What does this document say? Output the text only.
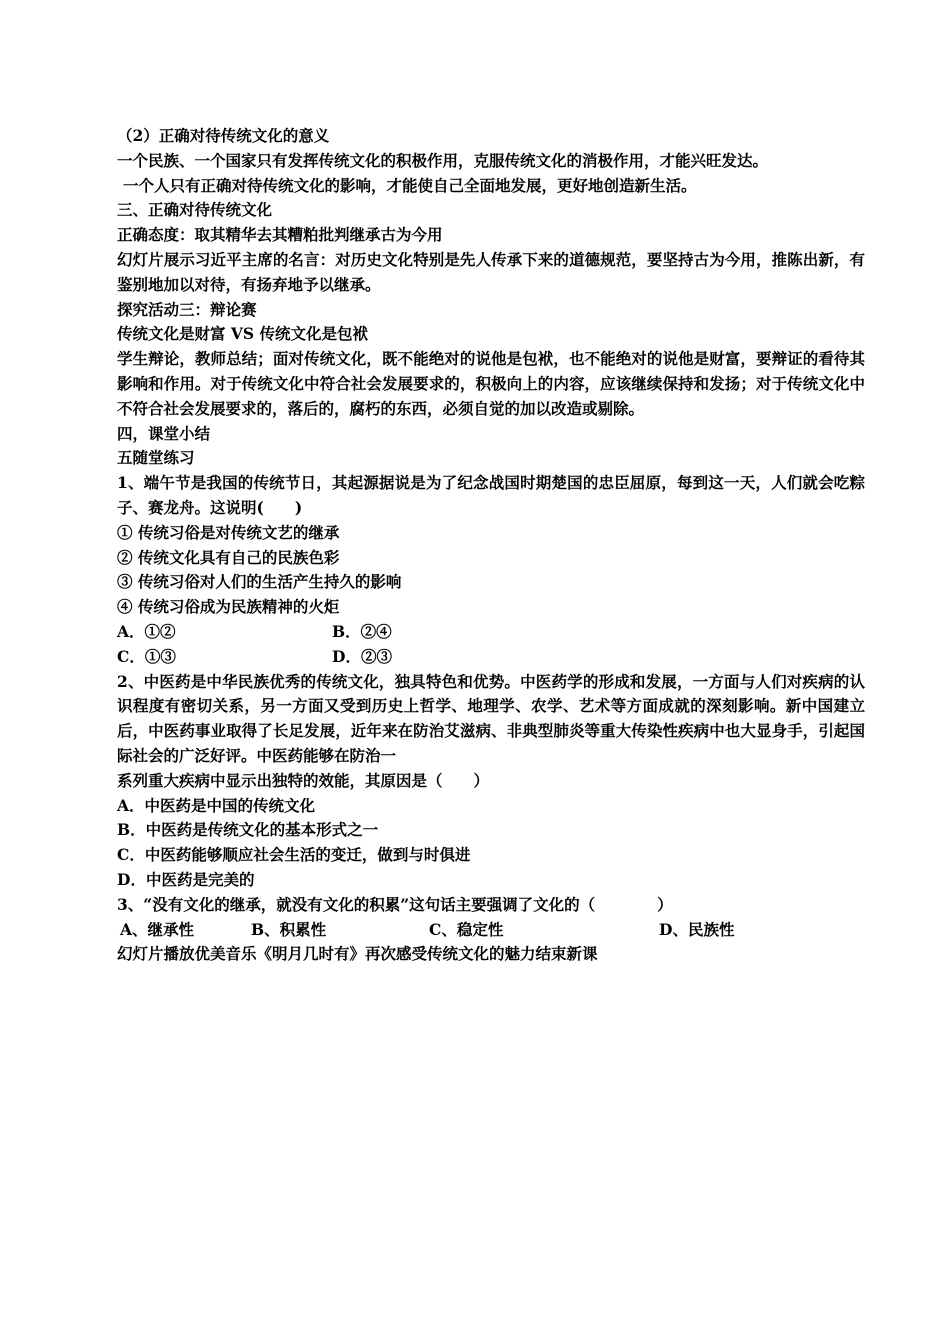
（2）正确对待传统文化的意义

一个民族、一个国家只有发挥传统文化的积极作用，克服传统文化的消极作用，才能兴旺发达。

一个人只有正确对待传统文化的影响，才能使自己全面地发展，更好地创造新生活。

三、正确对待传统文化

正确态度：取其精华去其糟粕批判继承古为今用

幻灯片展示习近平主席的名言：对历史文化特别是先人传承下来的道德规范，要坚持古为今用，推陈出新，有鉴别地加以对待，有扬弃地予以继承。

探究活动三：辩论赛

传统文化是财富 VS 传统文化是包袱

学生辩论，教师总结；面对传统文化，既不能绝对的说他是包袱，也不能绝对的说他是财富，要辩证的看待其影响和作用。对于传统文化中符合社会发展要求的，积极向上的内容，应该继续保持和发扬；对于传统文化中不符合社会发展要求的，落后的，腐朽的东西，必须自觉的加以改造或剔除。

四，课堂小结

五随堂练习

1、端午节是我国的传统节日，其起源据说是为了纪念战国时期楚国的忠臣屈原，每到这一天，人们就会吃粽子、赛龙舟。这说明(　　)

① 传统习俗是对传统文艺的继承

② 传统文化具有自己的民族色彩

③ 传统习俗对人们的生活产生持久的影响

④ 传统习俗成为民族精神的火炬

A．①②	B．②④
C．①③	D．②③

2、中医药是中华民族优秀的传统文化，独具特色和优势。中医药学的形成和发展，一方面与人们对疾病的认识程度有密切关系，另一方面又受到历史上哲学、地理学、农学、艺术等方面成就的深刻影响。新中国建立后，中医药事业取得了长足发展，近年来在防治艾滋病、非典型肺炎等重大传染性疾病中也大显身手，引起国际社会的广泛好评。中医药能够在防治一

系列重大疾病中显示出独特的效能，其原因是（　　）

A．中医药是中国的传统文化

B．中医药是传统文化的基本形式之一

C．中医药能够顺应社会生活的变迁，做到与时俱进

D．中医药是完美的

3、“没有文化的继承，就没有文化的积累”这句话主要强调了文化的（　　　　）

A、继承性	B、积累性	C、稳定性	D、民族性

幻灯片播放优美音乐《明月几时有》再次感受传统文化的魅力结束新课
